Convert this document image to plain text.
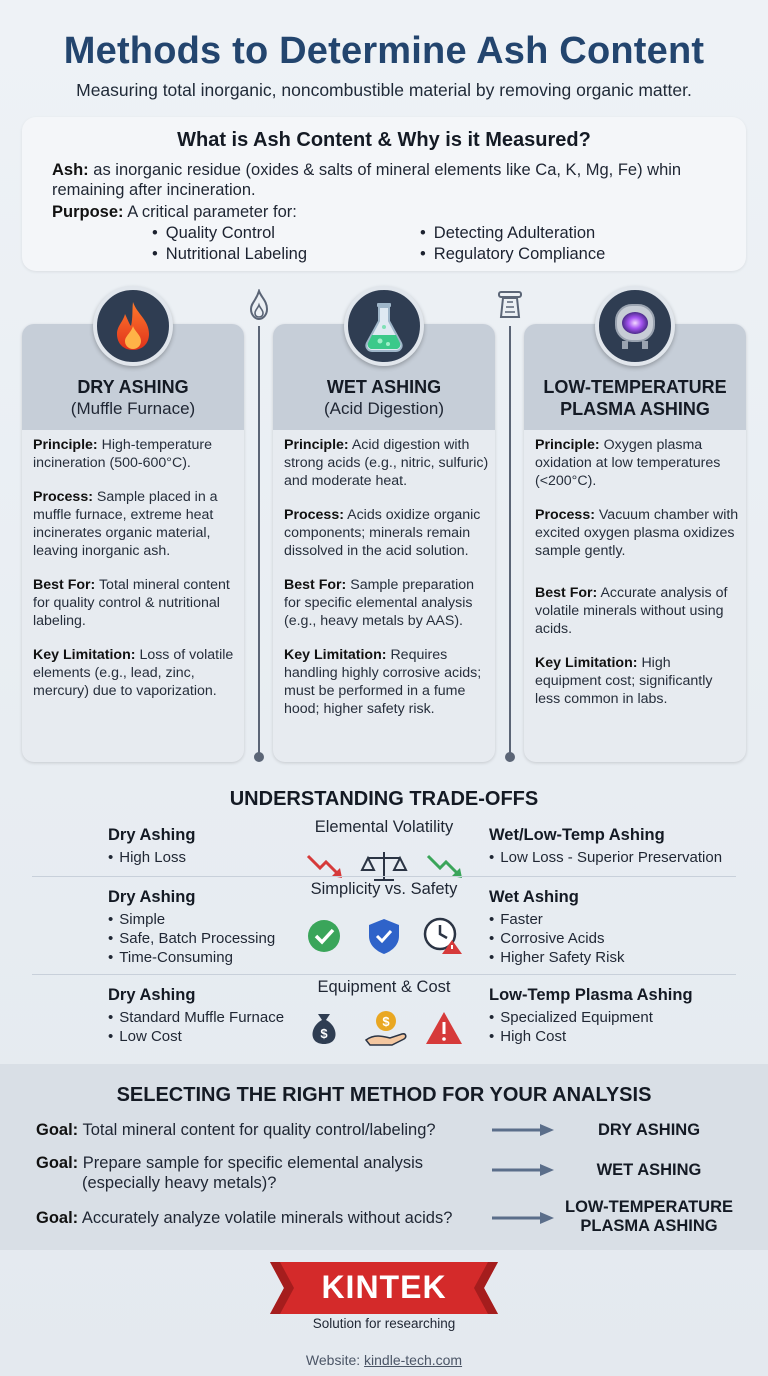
Methods to Determine Ash Content
Measuring total inorganic, noncombustible material by removing organic matter.
What is Ash Content & Why is it Measured?
Ash: as inorganic residue (oxides & salts of mineral elements like Ca, K, Mg, Fe) whin remaining after incineration.
Purpose: A critical parameter for:
• Quality Control
• Nutritional Labeling
• Detecting Adulteration
• Regulatory Compliance
DRY ASHING
(Muffle Furnace)

Principle: High-temperature incineration (500-600°C).

Process: Sample placed in a muffle furnace, extreme heat incinerates organic material, leaving inorganic ash.

Best For: Total mineral content for quality control & nutritional labeling.

Key Limitation: Loss of volatile elements (e.g., lead, zinc, mercury) due to vaporization.

WET ASHING
(Acid Digestion)

Principle: Acid digestion with strong acids (e.g., nitric, sulfuric) and moderate heat.

Process: Acids oxidize organic components; minerals remain dissolved in the acid solution.

Best For: Sample preparation for specific elemental analysis (e.g., heavy metals by AAS).

Key Limitation: Requires handling highly corrosive acids; must be performed in a fume hood; higher safety risk.

LOW-TEMPERATURE PLASMA ASHING

Principle: Oxygen plasma oxidation at low temperatures (<200°C).

Process: Vacuum chamber with excited oxygen plasma oxidizes sample gently.

Best For: Accurate analysis of volatile minerals without using acids.

Key Limitation: High equipment cost; significantly less common in labs.

UNDERSTANDING TRADE-OFFS
Dry Ashing	Elemental Volatility	Wet/Low-Temp Ashing
• High Loss
•	Low Loss - Superior Preservation
Dry Ashing	Simplicity vs. Safety	Wet Ashing
• Simple
• Safe, Batch Processing
• Time-Consuming
• Faster
• Corrosive Acids
• Higher Safety Risk
Dry Ashing	Equipment & Cost	Low-Temp Plasma Ashing
• Standard Muffle Furnace
• Low Cost
• Specialized Equipment
• High Cost
$
$
SELECTING THE RIGHT METHOD FOR YOUR ANALYSIS
Goal: Total mineral content for quality control/labeling?	DRY ASHING
Goal: Prepare sample for specific elemental analysis
(especially heavy metals)?
WET ASHING
Goal: Accurately analyze volatile minerals without acids?
LOW-TEMPERATURE PLASMA ASHING
KINTEK
Solution for researching
Website: kindle-tech.com
